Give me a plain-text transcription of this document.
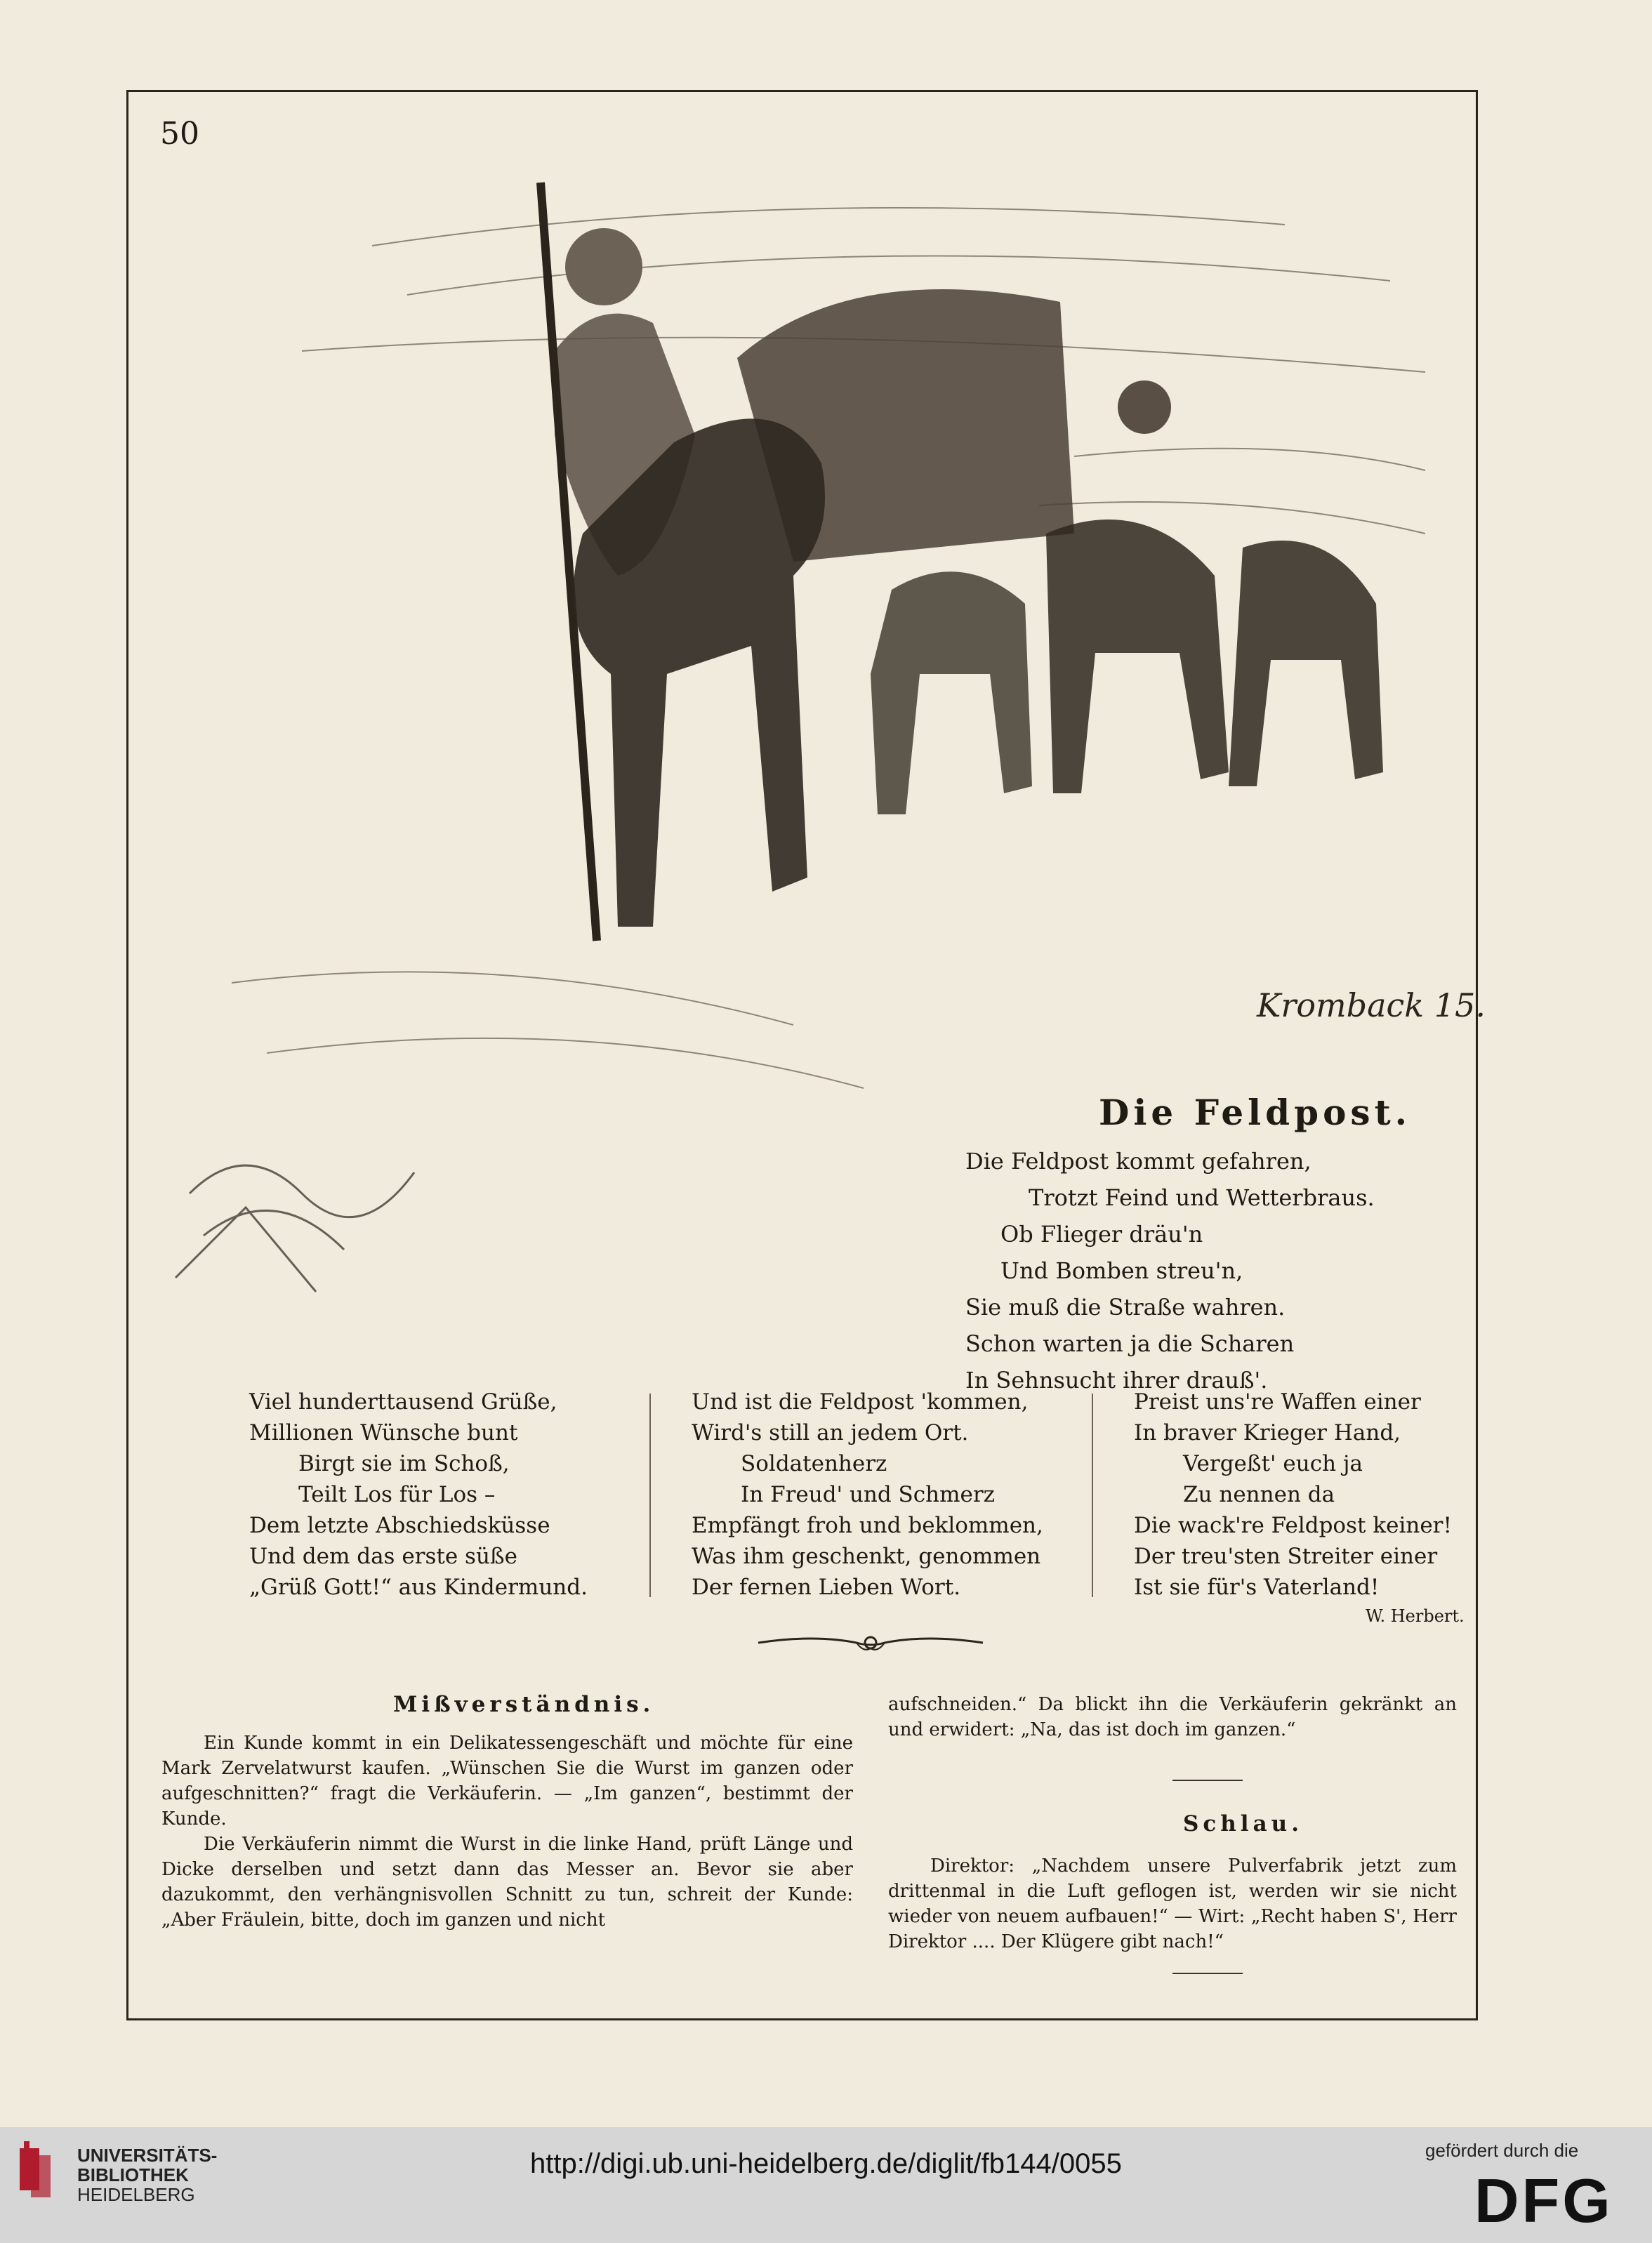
50
Kromback 15.
Die Feldpost.
Die Feldpost kommt gefahren,
Trotzt Feind und Wetterbraus.
Ob Flieger dräu'n
Und Bomben streu'n,
Sie muß die Straße wahren.
Schon warten ja die Scharen
In Sehnsucht ihrer drauß'.
Viel hunderttausend Grüße,
Millionen Wünsche bunt
Birgt sie im Schoß,
Teilt Los für Los –
Dem letzte Abschiedsküsse
Und dem das erste süße
„Grüß Gott!“ aus Kindermund.
Und ist die Feldpost 'kommen,
Wird's still an jedem Ort.
Soldatenherz
In Freud' und Schmerz
Empfängt froh und beklommen,
Was ihm geschenkt, genommen
Der fernen Lieben Wort.
Preist uns're Waffen einer
In braver Krieger Hand,
Vergeßt' euch ja
Zu nennen da
Die wack're Feldpost keiner!
Der treu'sten Streiter einer
Ist sie für's Vaterland!
W. Herbert.
Mißverständnis.

Ein Kunde kommt in ein Delikatessengeschäft und möchte für eine Mark Zervelatwurst kaufen. „Wünschen Sie die Wurst im ganzen oder aufgeschnitten?“ fragt die Verkäuferin. — „Im ganzen“, bestimmt der Kunde.

Die Verkäuferin nimmt die Wurst in die linke Hand, prüft Länge und Dicke derselben und setzt dann das Messer an. Bevor sie aber dazukommt, den verhängnisvollen Schnitt zu tun, schreit der Kunde: „Aber Fräulein, bitte, doch im ganzen und nicht

aufschneiden.“ Da blickt ihn die Verkäuferin gekränkt an und erwidert: „Na, das ist doch im ganzen.“

Schlau.

Direktor: „Nachdem unsere Pulverfabrik jetzt zum drittenmal in die Luft geflogen ist, werden wir sie nicht wieder von neuem aufbauen!“ — Wirt: „Recht haben S', Herr Direktor .... Der Klügere gibt nach!“

UNIVERSITÄTS-
BIBLIOTHEK
HEIDELBERG
http://digi.ub.uni-heidelberg.de/diglit/fb144/0055	gefördert durch die
DFG
